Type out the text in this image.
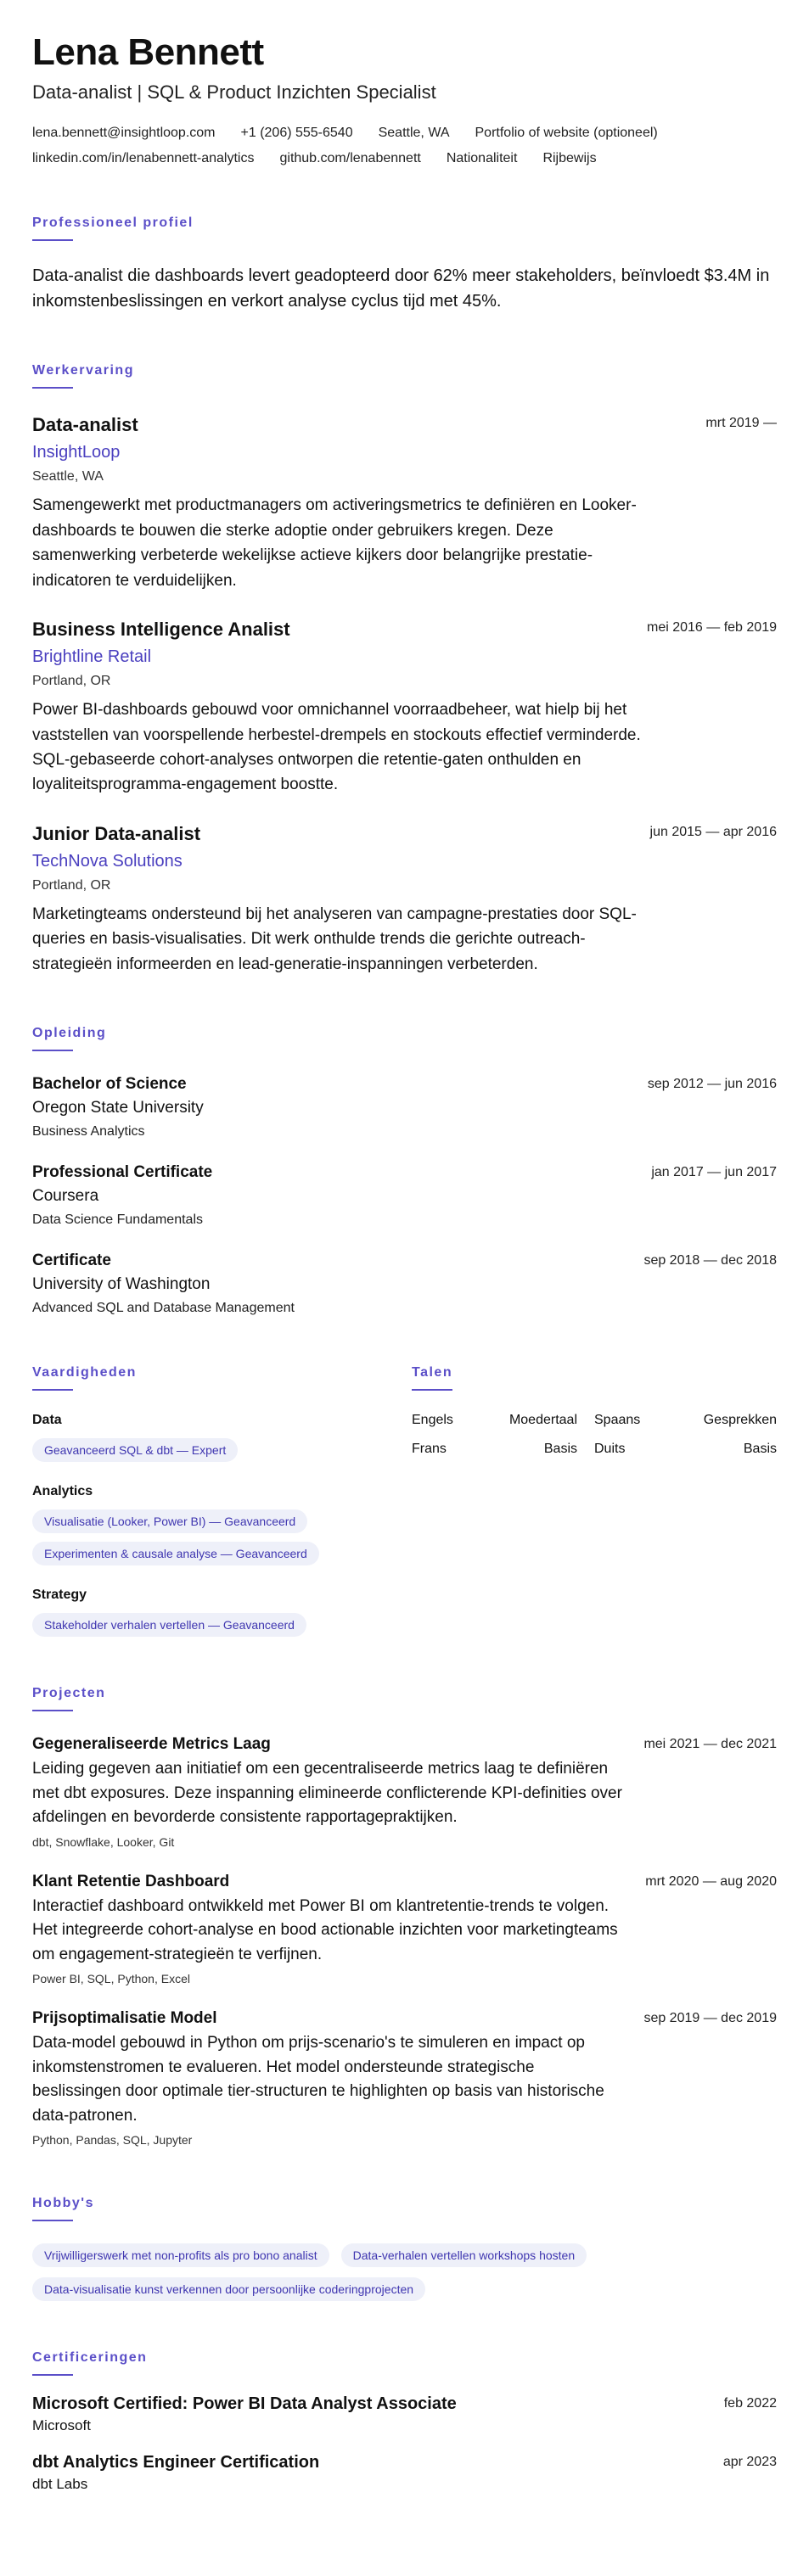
Lena Bennett
Data-analist | SQL & Product Inzichten Specialist
lena.bennett@insightloop.com +1 (206) 555-6540 Seattle, WA Portfolio of website (optioneel)
linkedin.com/in/lenabennett-analytics github.com/lenabennett Nationaliteit Rijbewijs
Professioneel profiel

Data-analist die dashboards levert geadopteerd door 62% meer stakeholders, beïnvloedt $3.4M in inkomstenbeslissingen en verkort analyse cyclus tijd met 45%.

Werkervaring
Data-analist	mrt 2019 —
InsightLoop
Seattle, WA

Samengewerkt met productmanagers om activeringsmetrics te definiëren en Looker-dashboards te bouwen die sterke adoptie onder gebruikers kregen. Deze samenwerking verbeterde wekelijkse actieve kijkers door belangrijke prestatie-indicatoren te verduidelijken.

Business Intelligence Analist	mei 2016 — feb 2019
Brightline Retail
Portland, OR

Power BI-dashboards gebouwd voor omnichannel voorraadbeheer, wat hielp bij het vaststellen van voorspellende herbestel-drempels en stockouts effectief verminderde. SQL-gebaseerde cohort-analyses ontworpen die retentie-gaten onthulden en loyaliteitsprogramma-engagement boostte.

Junior Data-analist	jun 2015 — apr 2016
TechNova Solutions
Portland, OR

Marketingteams ondersteund bij het analyseren van campagne-prestaties door SQL-queries en basis-visualisaties. Dit werk onthulde trends die gerichte outreach-strategieën informeerden en lead-generatie-inspanningen verbeterden.

Opleiding
Bachelor of Science	sep 2012 — jun 2016
Oregon State University
Business Analytics
Professional Certificate	jan 2017 — jun 2017
Coursera
Data Science Fundamentals
Certificate	sep 2018 — dec 2018
University of Washington
Advanced SQL and Database Management
Vaardigheden
Data
Geavanceerd SQL & dbt — Expert
Analytics
Visualisatie (Looker, Power BI) — Geavanceerd
Experimenten & causale analyse — Geavanceerd
Strategy
Stakeholder verhalen vertellen — Geavanceerd
Talen
Engels	Moedertaal Spaans	Gesprekken
Frans	Basis Duits	Basis
Projecten
Gegeneraliseerde Metrics Laag	mei 2021 — dec 2021

Leiding gegeven aan initiatief om een gecentraliseerde metrics laag te definiëren met dbt exposures. Deze inspanning elimineerde conflicterende KPI-definities over afdelingen en bevorderde consistente rapportagepraktijken.

dbt, Snowflake, Looker, Git
Klant Retentie Dashboard	mrt 2020 — aug 2020

Interactief dashboard ontwikkeld met Power BI om klantretentie-trends te volgen. Het integreerde cohort-analyse en bood actionable inzichten voor marketingteams om engagement-strategieën te verfijnen.

Power BI, SQL, Python, Excel
Prijsoptimalisatie Model	sep 2019 — dec 2019

Data-model gebouwd in Python om prijs-scenario's te simuleren en impact op inkomstenstromen te evalueren. Het model ondersteunde strategische beslissingen door optimale tier-structuren te highlighten op basis van historische data-patronen.

Python, Pandas, SQL, Jupyter
Hobby's
Vrijwilligerswerk met non-profits als pro bono analist	Data-verhalen vertellen workshops hosten
Data-visualisatie kunst verkennen door persoonlijke coderingprojecten
Certificeringen
Microsoft Certified: Power BI Data Analyst Associate	feb 2022
Microsoft
dbt Analytics Engineer Certification	apr 2023
dbt Labs
